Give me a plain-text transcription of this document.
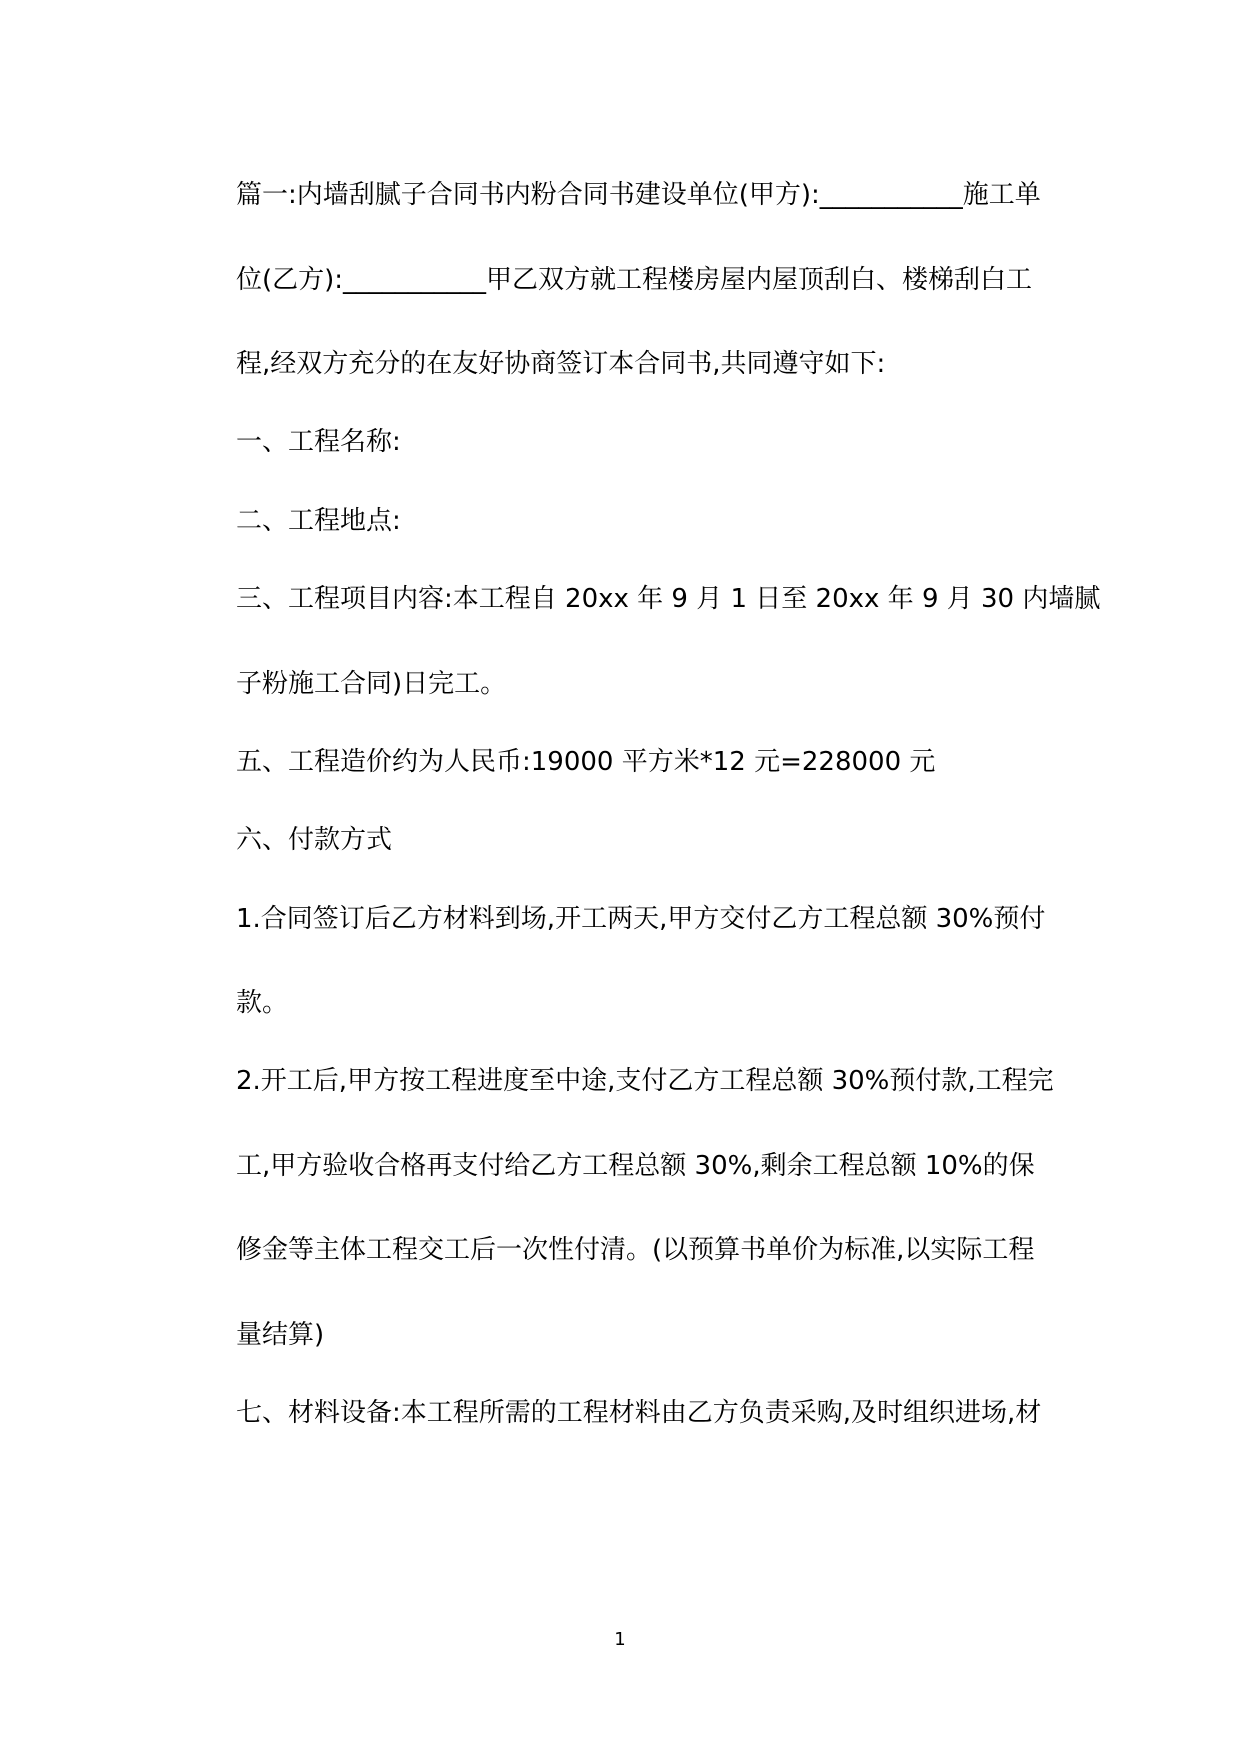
篇一:内墙刮腻子合同书内粉合同书建设单位(甲方):___________施工单
位(乙方):___________甲乙双方就工程楼房屋内屋顶刮白、楼梯刮白工
程,经双方充分的在友好协商签订本合同书,共同遵守如下:
一、工程名称:
二、工程地点:
三、工程项目内容:本工程自 20xx 年 9 月 1 日至 20xx 年 9 月 30 内墙腻
子粉施工合同)日完工。
五、工程造价约为人民币:19000 平方米*12 元=228000 元
六、付款方式
1.合同签订后乙方材料到场,开工两天,甲方交付乙方工程总额 30%预付
款。
2.开工后,甲方按工程进度至中途,支付乙方工程总额 30%预付款,工程完
工,甲方验收合格再支付给乙方工程总额 30%,剩余工程总额 10%的保
修金等主体工程交工后一次性付清。(以预算书单价为标准,以实际工程
量结算)
七、材料设备:本工程所需的工程材料由乙方负责采购,及时组织进场,材
1
